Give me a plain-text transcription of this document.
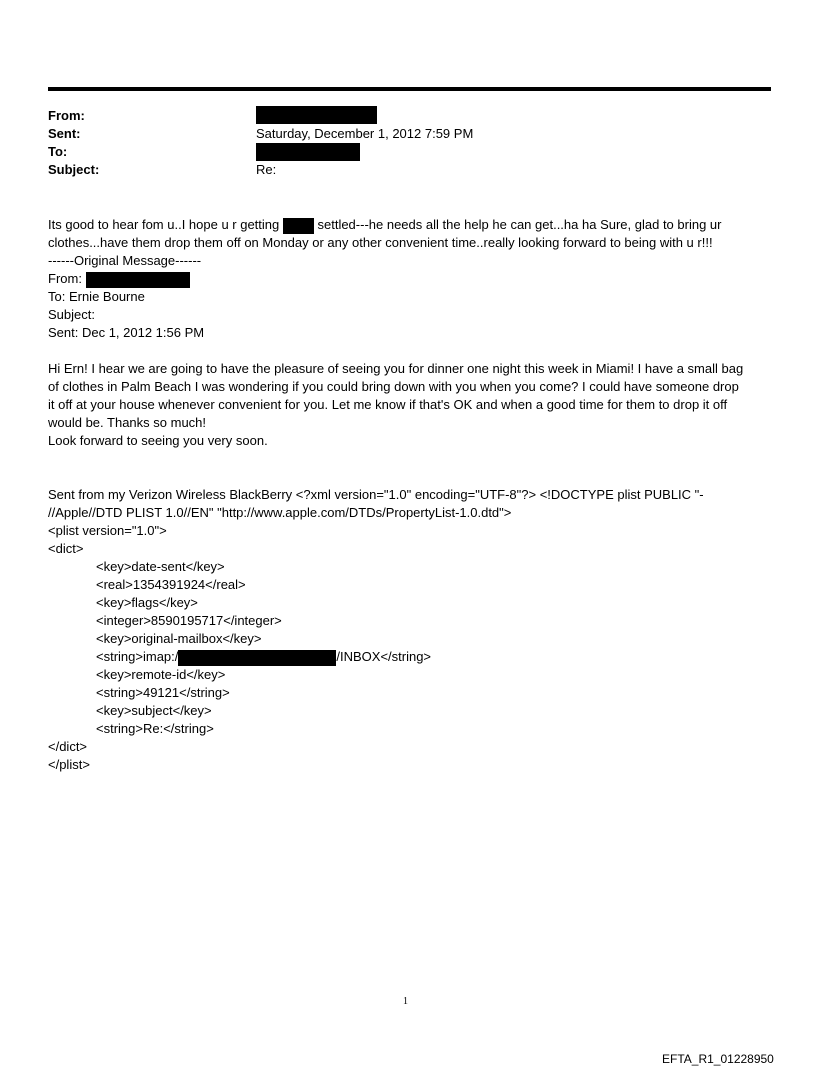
From:
Sent:	Saturday, December 1, 2012 7:59 PM
To:
Subject:	Re:
Its good to hear fom u..I hope u r getting  settled---he needs all the help he can get...ha ha Sure, glad to bring ur
clothes...have them drop them off on Monday or any other convenient time..really looking forward to being with u r!!!
------Original Message------
From:
To: Ernie Bourne
Subject:
Sent: Dec 1, 2012 1:56 PM
Hi Ern! I hear we are going to have the pleasure of seeing you for dinner one night this week in Miami! I have a small bag
of clothes in Palm Beach I was wondering if you could bring down with you when you come? I could have someone drop
it off at your house whenever convenient for you. Let me know if that's OK and when a good time for them to drop it off
would be. Thanks so much!
Look forward to seeing you very soon.
Sent from my Verizon Wireless BlackBerry <?xml version="1.0" encoding="UTF-8"?> <!DOCTYPE plist PUBLIC "-
//Apple//DTD PLIST 1.0//EN" "http://www.apple.com/DTDs/PropertyList-1.0.dtd">
<plist version="1.0">
<dict>
<key>date-sent</key>
<real>1354391924</real>
<key>flags</key>
<integer>8590195717</integer>
<key>original-mailbox</key>
<string>imap:/	/INBOX</string>
<key>remote-id</key>
<string>49121</string>
<key>subject</key>
<string>Re:</string>
</dict>
</plist>
1
EFTA_R1_01228950
